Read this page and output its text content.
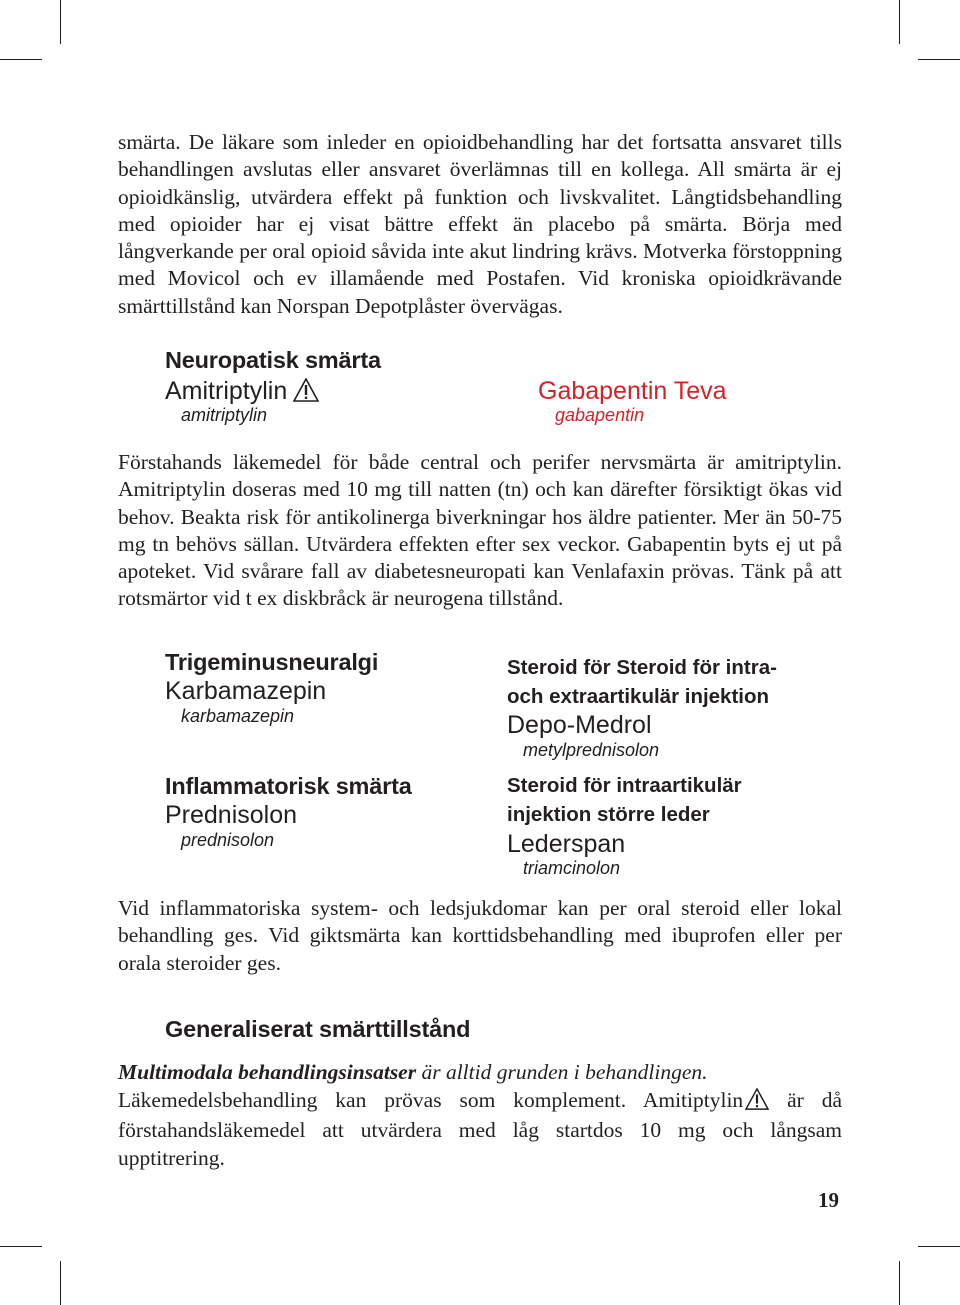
smärta. De läkare som inleder en opioidbehandling har det fortsatta ansvaret tills behandlingen avslutas eller ansvaret överlämnas till en kollega. All smärta är ej opioidkänslig, utvärdera effekt på funktion och livskvalitet. Långtidsbehandling med opioider har ej visat bättre effekt än placebo på smärta. Börja med långverkande per oral opioid såvida inte akut lindring krävs. Motverka förstoppning med Movicol och ev illamående med Postafen. Vid kroniska opioidkrävande smärttillstånd kan Norspan Depotplåster övervägas.

Neuropatisk smärta
Amitriptylin
amitriptylin
Gabapentin Teva
gabapentin

Förstahands läkemedel för både central och perifer nervsmärta är amitriptylin. Amitriptylin doseras med 10 mg till natten (tn) och kan därefter försiktigt ökas vid behov. Beakta risk för antikolinerga biverkningar hos äldre patienter. Mer än 50-75 mg tn behövs sällan. Utvärdera effekten efter sex veckor. Gabapentin byts ej ut på apoteket. Vid svårare fall av diabetesneuropati kan Venlafaxin prövas. Tänk på att rotsmärtor vid t ex diskbråck är neurogena tillstånd.

Trigeminusneuralgi
Karbamazepin
karbamazepin
Inflammatorisk smärta
Prednisolon
prednisolon
Steroid för Steroid för intra- och extraartikulär injektion
Depo-Medrol
metylprednisolon
Steroid för intraartikulär injektion större leder
Lederspan
triamcinolon

Vid inflammatoriska system- och ledsjukdomar kan per oral steroid eller lokal behandling ges. Vid giktsmärta kan korttidsbehandling med ibuprofen eller per orala steroider ges.

Generaliserat smärttillstånd

Multimodala behandlingsinsatser är alltid grunden i behandlingen.

Läkemedelsbehandling kan prövas som komplement. Amitiptylin är då förstahandsläkemedel att utvärdera med låg startdos 10 mg och långsam upptitrering.

19
